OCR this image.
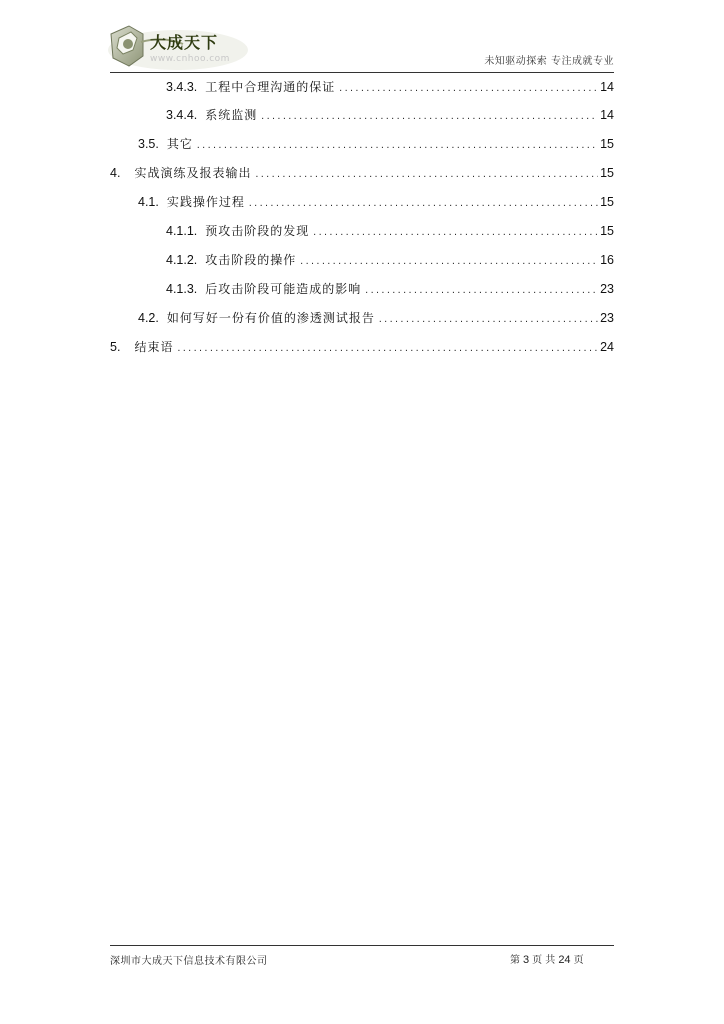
大成天下
www.cnhoo.com	未知驱动探索 专注成就专业
3.4.3. 工程中合理沟通的保证 .....	14
3.4.4. 系统监测 .....	14
3.5. 其它 .....	15
4. 实战演练及报表输出 .....	15
4.1. 实践操作过程 .....	15
4.1.1. 预攻击阶段的发现 .....	15
4.1.2. 攻击阶段的操作 .....	16
4.1.3. 后攻击阶段可能造成的影响 .....	23
4.2. 如何写好一份有价值的渗透测试报告 .....	23
5. 结束语 .....	24
深圳市大成天下信息技术有限公司	第 3 页 共 24 页
